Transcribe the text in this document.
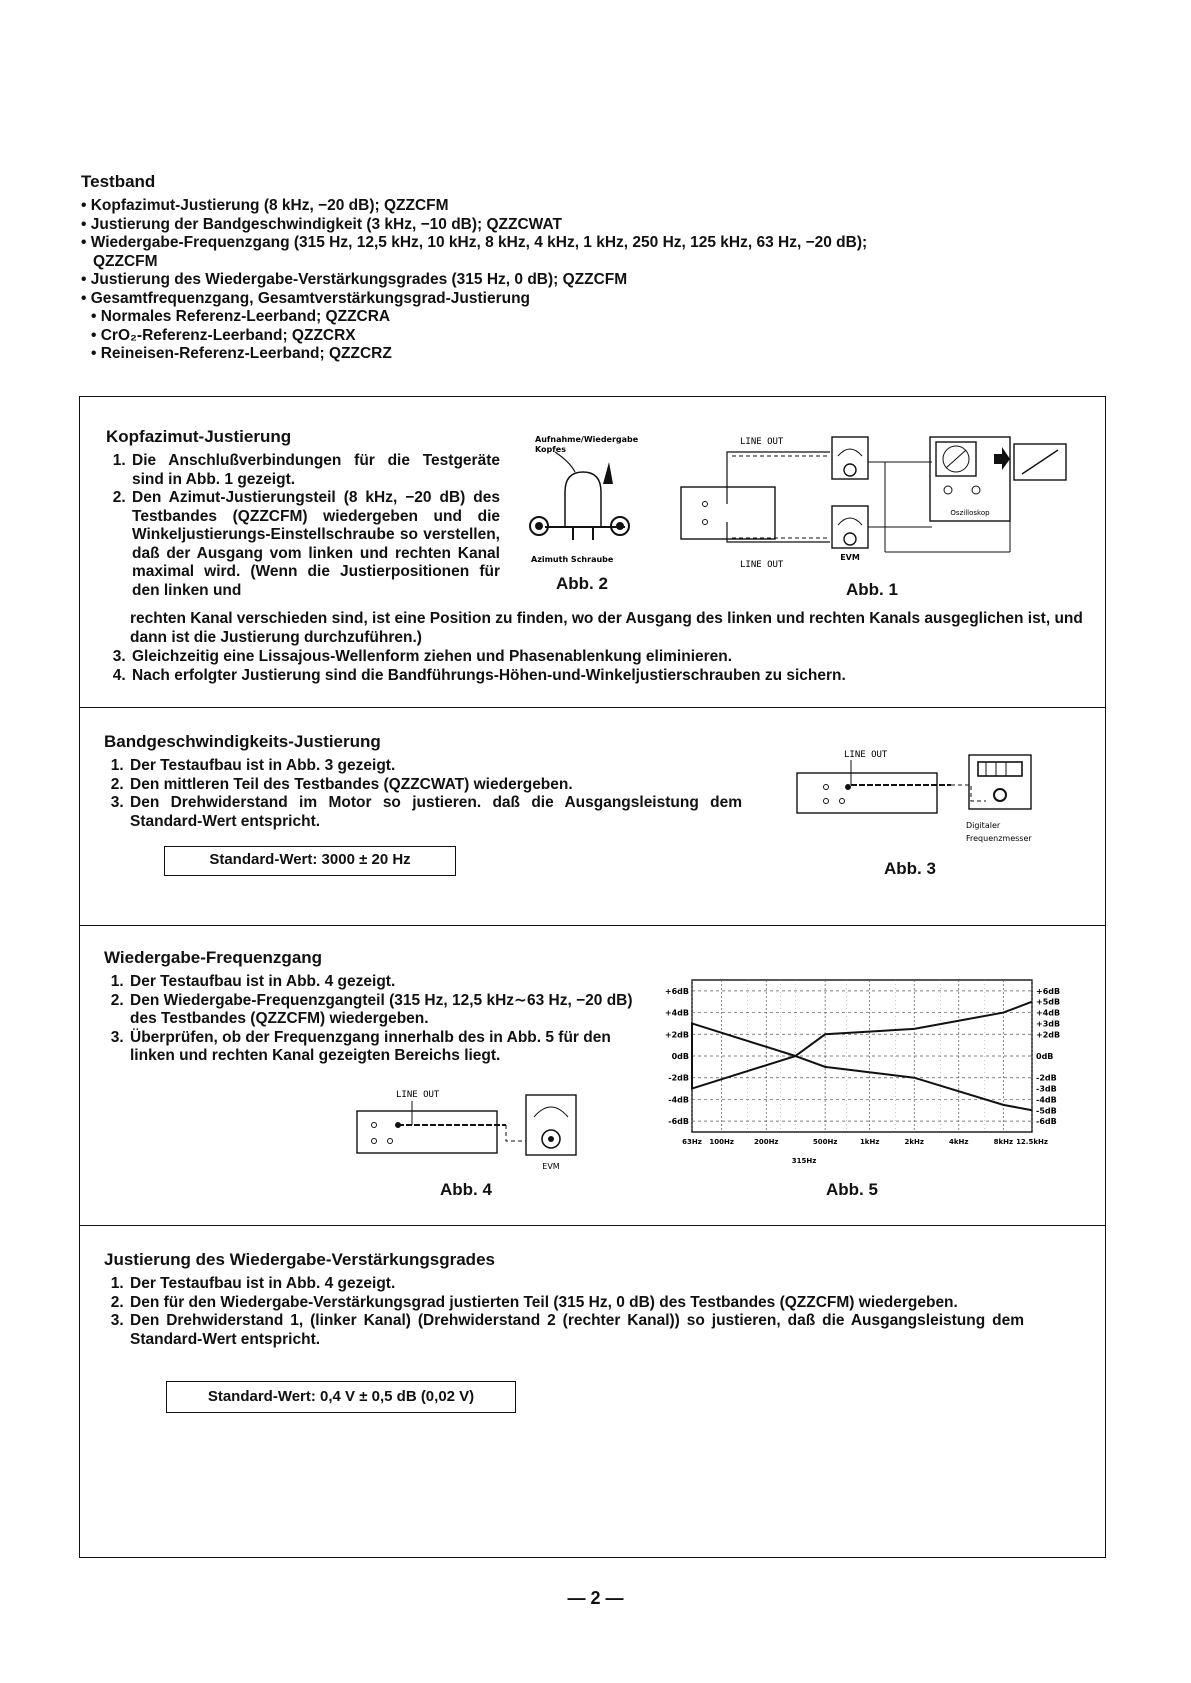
Testband
• Kopfazimut-Justierung (8 kHz, −20 dB); QZZCFM
• Justierung der Bandgeschwindigkeit (3 kHz, −10 dB); QZZCWAT
• Wiedergabe-Frequenzgang (315 Hz, 12,5 kHz, 10 kHz, 8 kHz, 4 kHz, 1 kHz, 250 Hz, 125 kHz, 63 Hz, −20 dB);
QZZCFM
• Justierung des Wiedergabe-Verstärkungsgrades (315 Hz, 0 dB); QZZCFM
• Gesamtfrequenzgang, Gesamtverstärkungsgrad-Justierung
• Normales Referenz-Leerband; QZZCRA
• CrO₂-Referenz-Leerband; QZZCRX
• Reineisen-Referenz-Leerband; QZZCRZ
Kopfazimut-Justierung
1. Die Anschlußverbindungen für die Testgeräte sind in Abb. 1 gezeigt.
2. Den Azimut-Justierungsteil (8 kHz, −20 dB) des Testbandes (QZZCFM) wiedergeben und die Winkeljustierungs-Einstellschraube so verstellen, daß der Ausgang vom linken und rechten Kanal maximal wird. (Wenn die Justierpositionen für den linken und
rechten Kanal verschieden sind, ist eine Position zu finden, wo der Ausgang des linken und rechten Kanals ausgeglichen ist, und dann ist die Justierung durchzuführen.)
3. Gleichzeitig eine Lissajous-Wellenform ziehen und Phasenablenkung eliminieren.
4. Nach erfolgter Justierung sind die Bandführungs-Höhen-und-Winkeljustierschrauben zu sichern.
Aufnahme/Wiedergabe
Kopfes
Azimuth Schraube
Abb. 2
LINE OUT
LINE OUT
EVM
Oszilloskop
Abb. 1
Bandgeschwindigkeits-Justierung
1. Der Testaufbau ist in Abb. 3 gezeigt.
2. Den mittleren Teil des Testbandes (QZZCWAT) wiedergeben.
3. Den Drehwiderstand im Motor so justieren. daß die Ausgangsleistung dem Standard-Wert entspricht.
Standard-Wert: 3000 ± 20 Hz
LINE OUT
Digitaler
Frequenzmesser
Abb. 3
Wiedergabe-Frequenzgang
1. Der Testaufbau ist in Abb. 4 gezeigt.
2. Den Wiedergabe-Frequenzgangteil (315 Hz, 12,5 kHz∼63 Hz, −20 dB) des Testbandes (QZZCFM) wiedergeben.
3. Überprüfen, ob der Frequenzgang innerhalb des in Abb. 5 für den linken und rechten Kanal gezeigten Bereichs liegt.
LINE OUT
EVM
Abb. 4
+6dB
+4dB
+2dB
0dB
-2dB
-4dB
-6dB
+6dB
+5dB
+4dB
+3dB
+2dB
0dB
-2dB
-3dB
-4dB
-5dB
-6dB
63Hz 100Hz	200Hz	500Hz	1kHz	2kHz	4kHz	8kHz 12.5kHz
315Hz
Abb. 5
Justierung des Wiedergabe-Verstärkungsgrades
1. Der Testaufbau ist in Abb. 4 gezeigt.
2. Den für den Wiedergabe-Verstärkungsgrad justierten Teil (315 Hz, 0 dB) des Testbandes (QZZCFM) wiedergeben.
3. Den Drehwiderstand 1, (linker Kanal) (Drehwiderstand 2 (rechter Kanal)) so justieren, daß die Ausgangsleistung dem Standard-Wert entspricht.
Standard-Wert: 0,4 V ± 0,5 dB (0,02 V)
— 2 —
